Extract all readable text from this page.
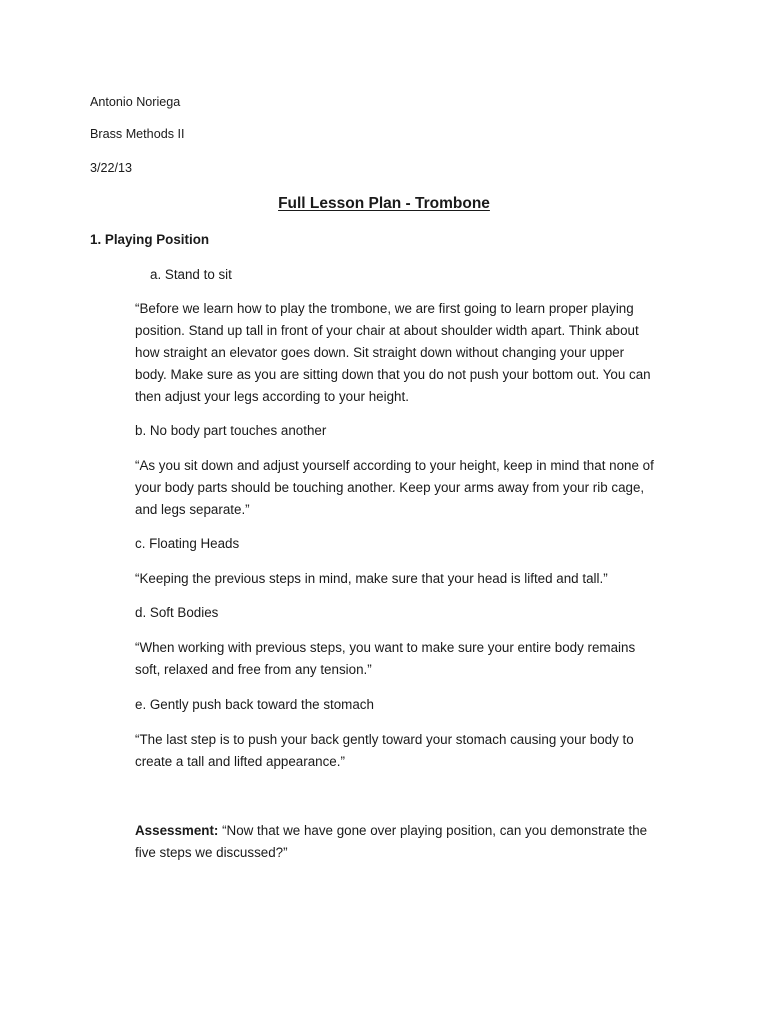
Antonio Noriega
Brass Methods II
3/22/13
Full Lesson Plan - Trombone
1. Playing Position
a. Stand to sit
“Before we learn how to play the trombone, we are first going to learn proper playing
position. Stand up tall in front of your chair at about shoulder width apart. Think about
how straight an elevator goes down. Sit straight down without changing your upper
body. Make sure as you are sitting down that you do not push your bottom out. You can
then adjust your legs according to your height.
b. No body part touches another
“As you sit down and adjust yourself according to your height, keep in mind that none of
your body parts should be touching another. Keep your arms away from your rib cage,
and legs separate.”
c. Floating Heads
“Keeping the previous steps in mind, make sure that your head is lifted and tall.”
d. Soft Bodies
“When working with previous steps, you want to make sure your entire body remains
soft, relaxed and free from any tension.”
e. Gently push back toward the stomach
“The last step is to push your back gently toward your stomach causing your body to
create a tall and lifted appearance.”
Assessment: “Now that we have gone over playing position, can you demonstrate the
five steps we discussed?”
